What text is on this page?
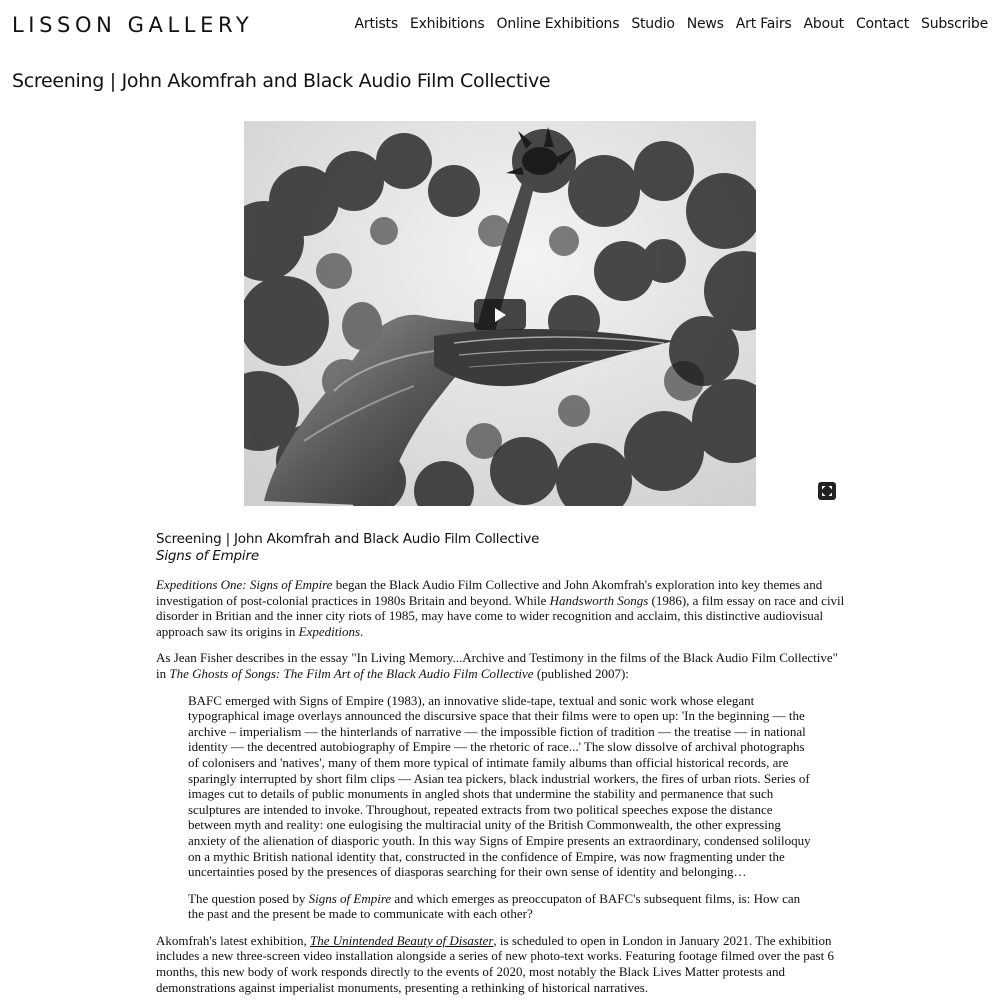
LISSON GALLERY	Artists Exhibitions Online Exhibitions Studio News Art Fairs About Contact Subscribe
Screening | John Akomfrah and Black Audio Film Collective
Screening | John Akomfrah and Black Audio Film Collective
Signs of Empire

Expeditions One: Signs of Empire began the Black Audio Film Collective and John Akomfrah's exploration into key themes and investigation of post-colonial practices in 1980s Britain and beyond. While Handsworth Songs (1986), a film essay on race and civil disorder in Britian and the inner city riots of 1985, may have come to wider recognition and acclaim, this distinctive audiovisual approach saw its origins in Expeditions.

As Jean Fisher describes in the essay "In Living Memory...Archive and Testimony in the films of the Black Audio Film Collective" in The Ghosts of Songs: The Film Art of the Black Audio Film Collective (published 2007):

BAFC emerged with Signs of Empire (1983), an innovative slide-tape, textual and sonic work whose elegant typographical image overlays announced the discursive space that their films were to open up: 'In the beginning — the archive – imperialism — the hinterlands of narrative — the impossible fiction of tradition — the treatise — in national identity — the decentred autobiography of Empire — the rhetoric of race...' The slow dissolve of archival photographs of colonisers and 'natives', many of them more typical of intimate family albums than official historical records, are sparingly interrupted by short film clips — Asian tea pickers, black industrial workers, the fires of urban riots. Series of images cut to details of public monuments in angled shots that undermine the stability and permanence that such sculptures are intended to invoke. Throughout, repeated extracts from two political speeches expose the distance between myth and reality: one eulogising the multiracial unity of the British Commonwealth, the other expressing anxiety of the alienation of diasporic youth. In this way Signs of Empire presents an extraordinary, condensed soliloquy on a mythic British national identity that, constructed in the confidence of Empire, was now fragmenting under the uncertainties posed by the presences of diasporas searching for their own sense of identity and belonging…

The question posed by Signs of Empire and which emerges as preoccupaton of BAFC's subsequent films, is: How can the past and the present be made to communicate with each other?

Akomfrah's latest exhibition, The Unintended Beauty of Disaster, is scheduled to open in London in January 2021. The exhibition includes a new three-screen video installation alongside a series of new photo-text works. Featuring footage filmed over the past 6 months, this new body of work responds directly to the events of 2020, most notably the Black Lives Matter protests and demonstrations against imperialist monuments, presenting a rethinking of historical narratives.
